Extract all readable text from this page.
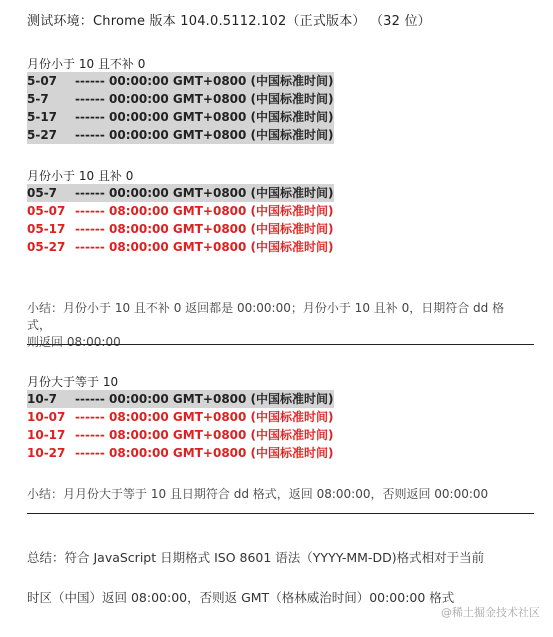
测试环境：Chrome 版本 104.0.5112.102（正式版本） （32 位）
月份小于 10 且不补 0
5-07	------ 00:00:00 GMT+0800 (中国标准时间)
5-7	------ 00:00:00 GMT+0800 (中国标准时间)
5-17	------ 00:00:00 GMT+0800 (中国标准时间)
5-27	------ 00:00:00 GMT+0800 (中国标准时间)
月份小于 10 且补 0
05-7	------ 00:00:00 GMT+0800 (中国标准时间)
05-07 ------ 08:00:00 GMT+0800 (中国标准时间)
05-17 ------ 08:00:00 GMT+0800 (中国标准时间)
05-27 ------ 08:00:00 GMT+0800 (中国标准时间)
小结：月份小于 10 且不补 0 返回都是 00:00:00；月份小于 10 且补 0，日期符合 dd 格式，
则返回 08:00:00
月份大于等于 10
10-7	------ 00:00:00 GMT+0800 (中国标准时间)
10-07 ------ 08:00:00 GMT+0800 (中国标准时间)
10-17 ------ 08:00:00 GMT+0800 (中国标准时间)
10-27 ------ 08:00:00 GMT+0800 (中国标准时间)
小结：月月份大于等于 10 且日期符合 dd 格式，返回 08:00:00，否则返回 00:00:00
总结：符合 JavaScript 日期格式 ISO 8601 语法（YYYY-MM-DD)格式相对于当前
时区（中国）返回 08:00:00，否则返 GMT（格林威治时间）00:00:00 格式
@稀土掘金技术社区
